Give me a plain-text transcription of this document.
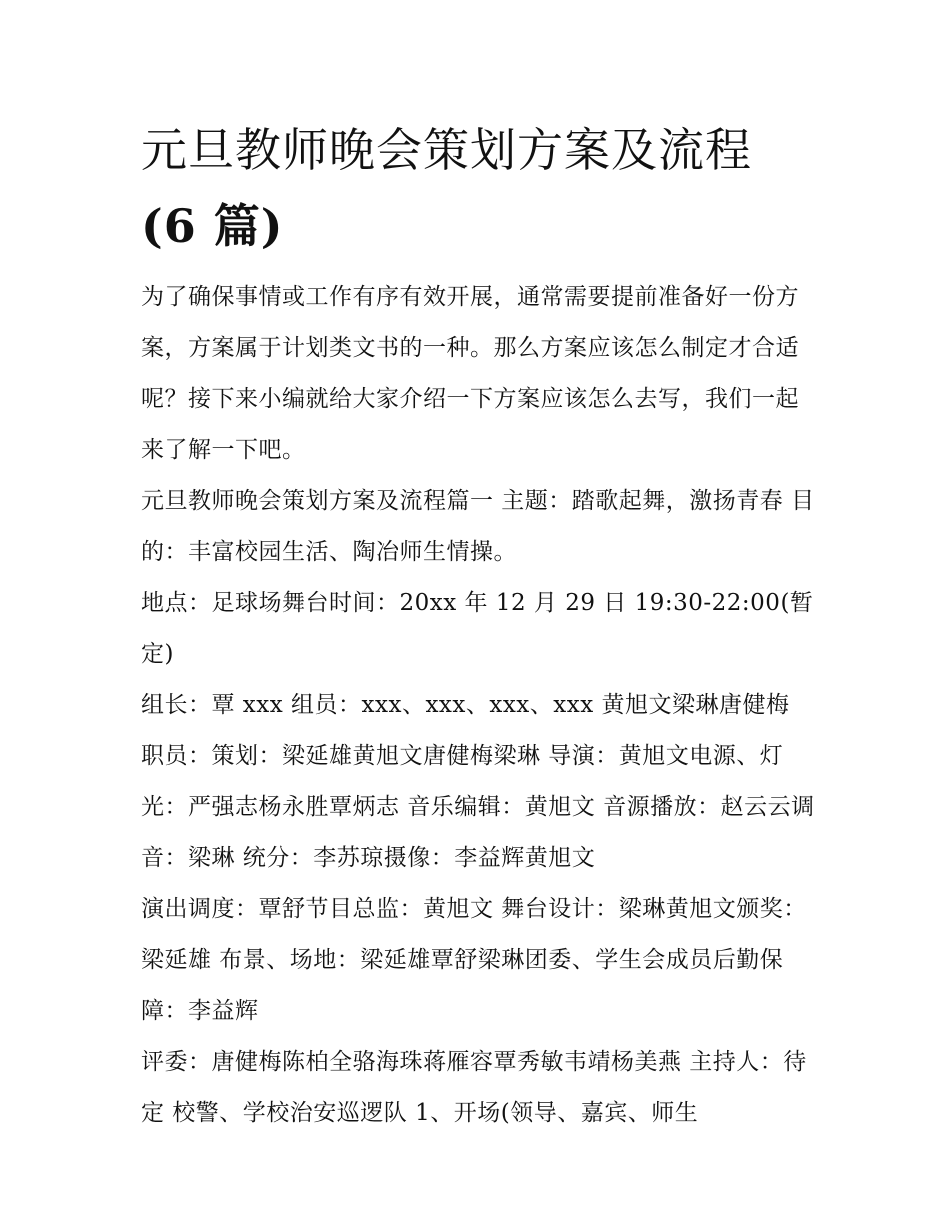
元旦教师晚会策划方案及流程
(6 篇)

为了确保事情或工作有序有效开展，通常需要提前准备好一份方案，方案属于计划类文书的一种。那么方案应该怎么制定才合适呢？接下来小编就给大家介绍一下方案应该怎么去写，我们一起来了解一下吧。

元旦教师晚会策划方案及流程篇一 主题：踏歌起舞，激扬青春 目的：丰富校园生活、陶冶师生情操。

地点：足球场舞台时间：20xx 年 12 月 29 日 19:30-22:00(暂定)

组长：覃 xxx 组员：xxx、xxx、xxx、xxx 黄旭文梁琳唐健梅

职员：策划：梁延雄黄旭文唐健梅梁琳 导演：黄旭文电源、灯光：严强志杨永胜覃炳志 音乐编辑：黄旭文 音源播放：赵云云调音：梁琳 统分：李苏琼摄像：李益辉黄旭文

演出调度：覃舒节目总监：黄旭文 舞台设计：梁琳黄旭文颁奖：梁延雄 布景、场地：梁延雄覃舒梁琳团委、学生会成员后勤保障：李益辉

评委：唐健梅陈柏全骆海珠蒋雁容覃秀敏韦靖杨美燕 主持人：待定 校警、学校治安巡逻队 1、开场(领导、嘉宾、师生
